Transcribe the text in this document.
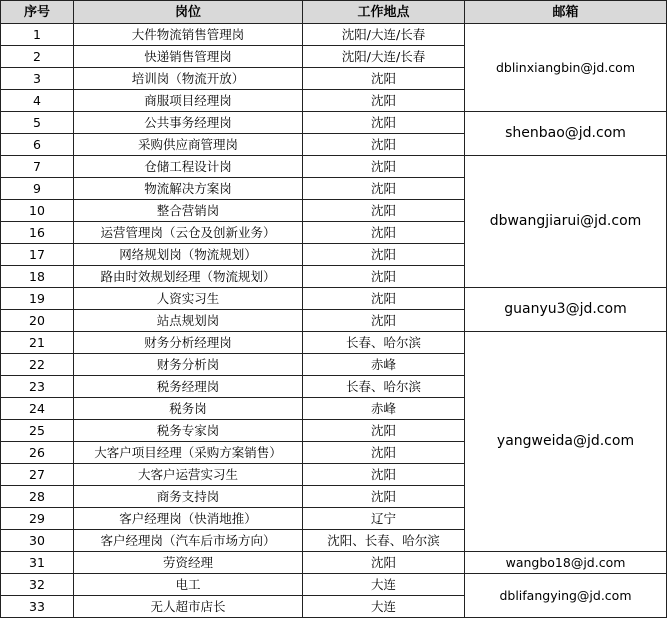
序号	岗位	工作地点	邮箱
1	大件物流销售管理岗	沈阳/大连/长春	dblinxiangbin@jd.com
2	快递销售管理岗	沈阳/大连/长春	
3	培训岗（物流开放）	沈阳	
4	商服项目经理岗	沈阳	
5	公共事务经理岗	沈阳	shenbao@jd.com
6	采购供应商管理岗	沈阳	
7	仓储工程设计岗	沈阳	dbwangjiarui@jd.com
9	物流解决方案岗	沈阳	
10	整合营销岗	沈阳	
16	运营管理岗（云仓及创新业务）	沈阳	
17	网络规划岗（物流规划）	沈阳	
18	路由时效规划经理（物流规划）	沈阳	
19	人资实习生	沈阳	guanyu3@jd.com
20	站点规划岗	沈阳	
21	财务分析经理岗	长春、哈尔滨	yangweida@jd.com
22	财务分析岗	赤峰	
23	税务经理岗	长春、哈尔滨	
24	税务岗	赤峰	
25	税务专家岗	沈阳	
26	大客户项目经理（采购方案销售）	沈阳	
27	大客户运营实习生	沈阳	
28	商务支持岗	沈阳	
29	客户经理岗（快消地推）	辽宁	
30	客户经理岗（汽车后市场方向）	沈阳、长春、哈尔滨	
31	劳资经理	沈阳	wangbo18@jd.com
32	电工	大连	dblifangying@jd.com
33	无人超市店长	大连	
